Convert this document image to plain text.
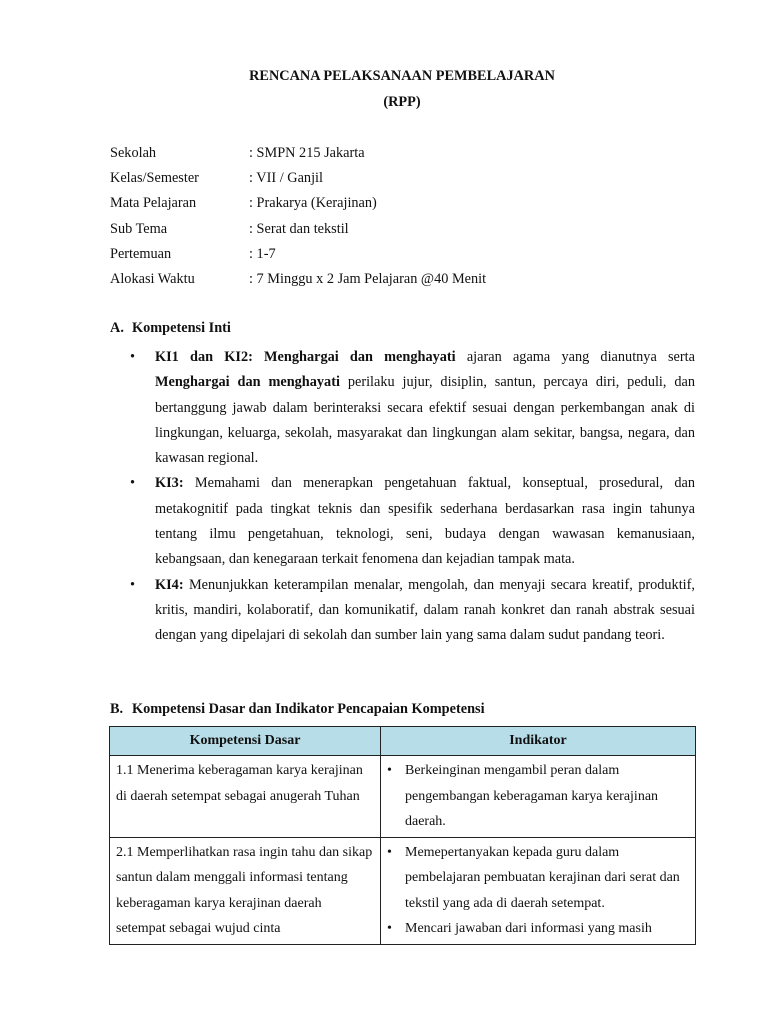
RENCANA PELAKSANAAN PEMBELAJARAN
(RPP)
Sekolah	: SMPN 215 Jakarta
Kelas/Semester	: VII / Ganjil
Mata Pelajaran	: Prakarya (Kerajinan)
Sub Tema	: Serat dan tekstil
Pertemuan	: 1-7
Alokasi Waktu	: 7 Minggu x 2 Jam Pelajaran @40 Menit
A. Kompetensi Inti
•	KI1 dan KI2: Menghargai dan menghayati ajaran agama yang dianutnya serta Menghargai dan menghayati perilaku jujur, disiplin, santun, percaya diri, peduli, dan bertanggung jawab dalam berinteraksi secara efektif sesuai dengan perkembangan anak di lingkungan, keluarga, sekolah, masyarakat dan lingkungan alam sekitar, bangsa, negara, dan kawasan regional.
•	KI3: Memahami dan menerapkan pengetahuan faktual, konseptual, prosedural, dan metakognitif pada tingkat teknis dan spesifik sederhana berdasarkan rasa ingin tahunya tentang ilmu pengetahuan, teknologi, seni, budaya dengan wawasan kemanusiaan, kebangsaan, dan kenegaraan terkait fenomena dan kejadian tampak mata.
•	KI4: Menunjukkan keterampilan menalar, mengolah, dan menyaji secara kreatif, produktif, kritis, mandiri, kolaboratif, dan komunikatif, dalam ranah konkret dan ranah abstrak sesuai dengan yang dipelajari di sekolah dan sumber lain yang sama dalam sudut pandang teori.
B. Kompetensi Dasar dan Indikator Pencapaian Kompetensi
Kompetensi Dasar	Indikator
1.1 Menerima keberagaman karya kerajinan di daerah setempat sebagai anugerah Tuhan	• Berkeinginan mengambil peran dalam pengembangan keberagaman karya kerajinan daerah.

2.1 Memperlihatkan rasa ingin tahu dan sikap santun dalam menggali informasi tentang keberagaman karya kerajinan daerah setempat sebagai wujud cinta	• Memepertanyakan kepada guru dalam pembelajaran pembuatan kerajinan dari serat dan tekstil yang ada di daerah setempat.
• Mencari jawaban dari informasi yang masih
